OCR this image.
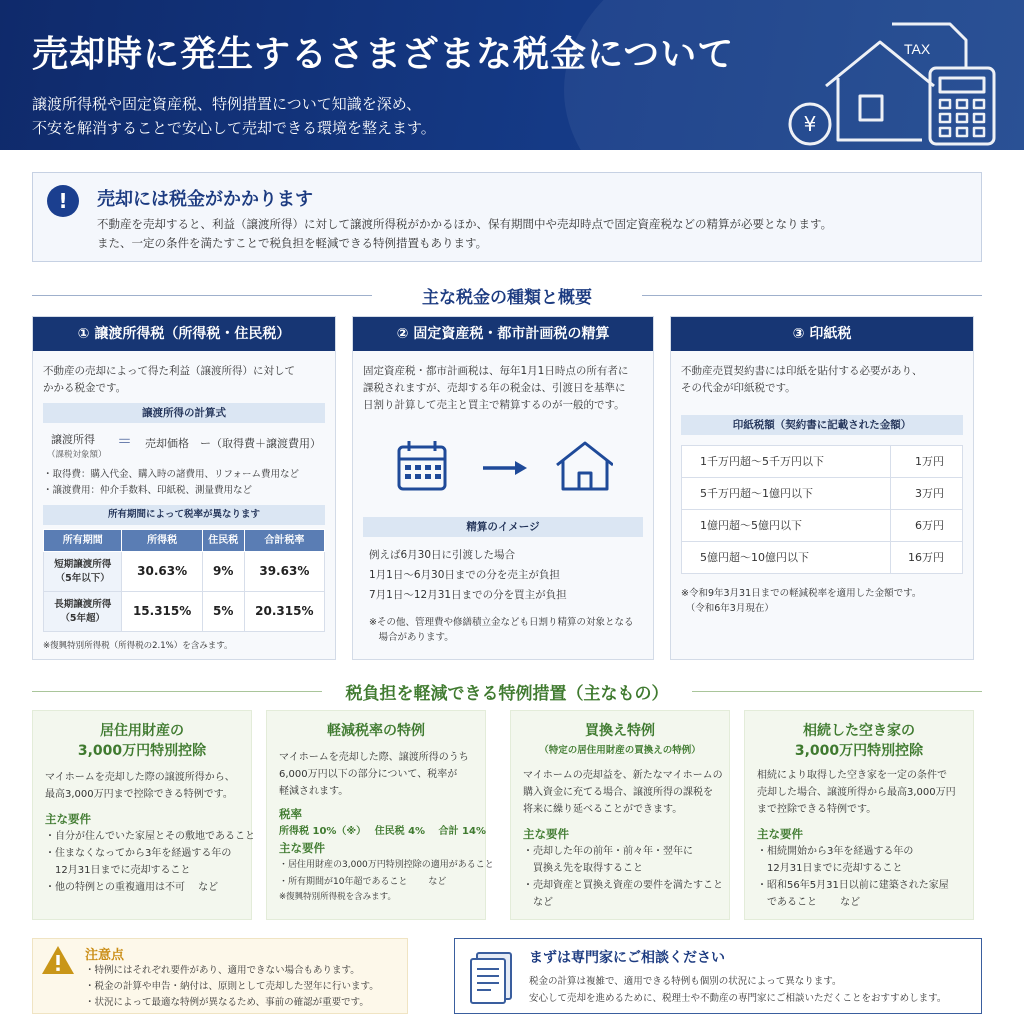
売却時に発生するさまざまな税金について
譲渡所得税や固定資産税、特例措置について知識を深め、
不安を解消することで安心して売却できる環境を整えます。
TAX
¥
!	売却には税金がかかります
不動産を売却すると、利益（譲渡所得）に対して譲渡所得税がかかるほか、保有期間中や売却時点で固定資産税などの精算が必要となります。
また、一定の条件を満たすことで税負担を軽減できる特例措置もあります。
主な税金の種類と概要
① 譲渡所得税（所得税・住民税）
不動産の売却によって得た利益（譲渡所得）に対して
かかる税金です。
譲渡所得の計算式
譲渡所得
（課税対象額）
＝ 売却価格　ー（取得費＋譲渡費用）
・取得費：購入代金、購入時の諸費用、リフォーム費用など
・譲渡費用：仲介手数料、印紙税、測量費用など
所有期間によって税率が異なります
所有期間	所得税	住民税	合計税率
短期譲渡所得
（5年以下）	30.63%	9%	39.63%
長期譲渡所得
（5年超）	15.315%	5%	20.315%
※復興特別所得税（所得税の2.1%）を含みます。
② 固定資産税・都市計画税の精算
固定資産税・都市計画税は、毎年1月1日時点の所有者に
課税されますが、売却する年の税金は、引渡日を基準に
日割り計算して売主と買主で精算するのが一般的です。
精算のイメージ
例えば6月30日に引渡した場合
1月1日〜6月30日までの分を売主が負担
7月1日〜12月31日までの分を買主が負担
※その他、管理費や修繕積立金なども日割り精算の対象となる
　場合があります。
③ 印紙税
不動産売買契約書には印紙を貼付する必要があり、
その代金が印紙税です。
印紙税額（契約書に記載された金額）
1千万円超〜5千万円以下	1万円
5千万円超〜1億円以下	3万円
1億円超〜5億円以下	6万円
5億円超〜10億円以下	16万円
※令和9年3月31日までの軽減税率を適用した金額です。
　（令和6年3月現在）
税負担を軽減できる特例措置（主なもの）
居住用財産の
3,000万円特別控除
マイホームを売却した際の譲渡所得から、
最高3,000万円まで控除できる特例です。
主な要件
・自分が住んでいた家屋とその敷地であること
・住まなくなってから3年を経過する年の
　12月31日までに売却すること
・他の特例との重複適用は不可　 など
軽減税率の特例
マイホームを売却した際、譲渡所得のうち
6,000万円以下の部分について、税率が
軽減されます。
税率
所得税 10%（※）　 住民税 4%　 合計 14%
主な要件
・居住用財産の3,000万円特別控除の適用があること
・所有期間が10年超であること　　 など
※復興特別所得税を含みます。
買換え特例
（特定の居住用財産の買換えの特例）
マイホームの売却益を、新たなマイホームの
購入資金に充てる場合、譲渡所得の課税を
将来に繰り延べることができます。
主な要件
・売却した年の前年・前々年・翌年に
　買換え先を取得すること
・売却資産と買換え資産の要件を満たすこと
　など
相続した空き家の
3,000万円特別控除
相続により取得した空き家を一定の条件で
売却した場合、譲渡所得から最高3,000万円
まで控除できる特例です。
主な要件
・相続開始から3年を経過する年の
　12月31日までに売却すること
・昭和56年5月31日以前に建築された家屋
　であること　　 など
注意点
・特例にはそれぞれ要件があり、適用できない場合もあります。
・税金の計算や申告・納付は、原則として売却した翌年に行います。
・状況によって最適な特例が異なるため、事前の確認が重要です。
まずは専門家にご相談ください
税金の計算は複雑で、適用できる特例も個別の状況によって異なります。
安心して売却を進めるために、税理士や不動産の専門家にご相談いただくことをおすすめします。
